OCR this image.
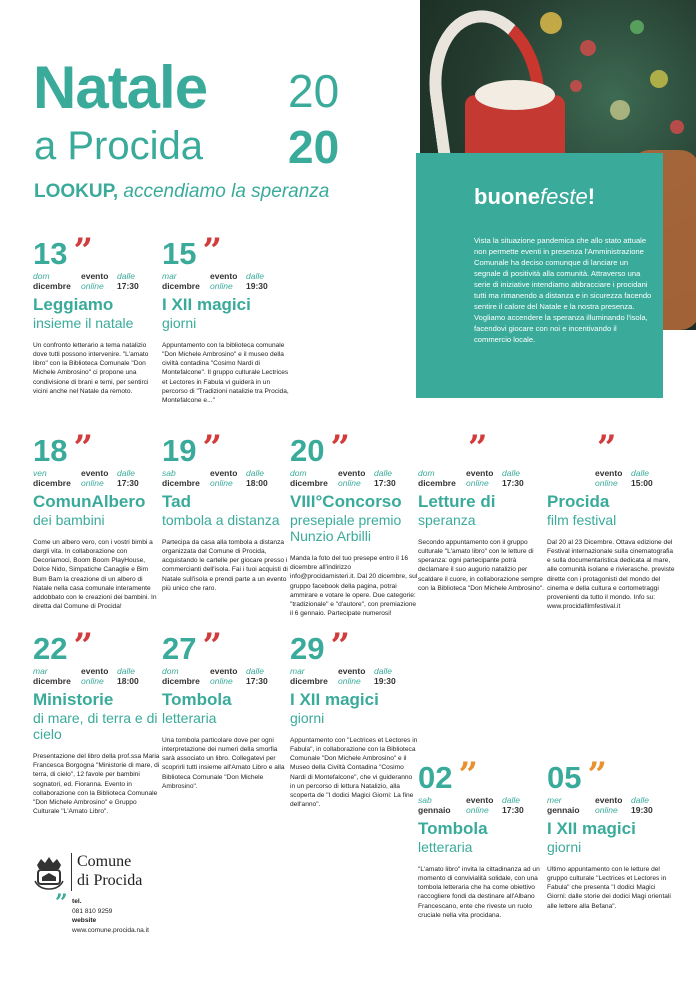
Natale
a Procida
20
20
LOOKUP, accendiamo la speranza	buonefeste!
Vista la situazione pandemica che allo stato attuale non permette eventi in presenza l'Amministrazione Comunale ha deciso comunque di lanciare un segnale di positività alla comunità. Attraverso una serie di iniziative intendiamo abbracciare i procidani tutti ma rimanendo a distanza e in sicurezza facendo sentire il calore del Natale e la nostra presenza. Vogliamo accendere la speranza illuminando l'isola, facendovi giocare con noi e incentivando il commercio locale.
13 ”
dom
dicembre
evento
online
dalle
17:30
Leggiamo
insieme il natale
Un confronto letterario a tema natalizio dove tutti possono intervenire. "L'amato libro" con la Biblioteca Comunale "Don Michele Ambrosino" ci propone una condivisione di brani e temi, per sentirci vicini anche nel Natale da remoto.
15 ”
mar
dicembre
evento
online
dalle
19:30
I XII magici
giorni
Appuntamento con la biblioteca comunale "Don Michele Ambrosino" e il museo della civiltà contadina "Cosimo Nardi di Montefalcone". Il gruppo culturale Lectrices et Lectores in Fabula vi guiderà in un percorso di "Tradizioni natalizie tra Procida, Montefalcone e..."
18 ”
ven
dicembre
evento
online
dalle
17:30
ComunAlbero
dei bambini
Come un albero vero, con i vostri bimbi a dargli vita. In collaborazione con Decoriamoci, Boom Boom PlayHouse, Dolce Nido, Simpatiche Canaglie e Bim Bum Bam la creazione di un albero di Natale nella casa comunale interamente addobbato con le creazioni dei bambini. In diretta dal Comune di Procida!
19 ”
sab
dicembre
evento
online
dalle
18:00
Tad
tombola a distanza
Partecipa da casa alla tombola a distanza organizzata dal Comune di Procida, acquistando le cartelle per giocare presso i commercianti dell'isola. Fai i tuoi acquisti di Natale sull'isola e prendi parte a un evento più unico che raro.
20 ”
dom
dicembre
evento
online
dalle
17:30
VIII°Concorso
presepiale premio Nunzio Arbilli
Manda la foto del tuo presepe entro il 16 dicembre all'indirizzo info@procidamisteri.it. Dal 20 dicembre, sul gruppo facebook della pagina, potrai ammirare e votare le opere. Due categorie: "tradizionale" e "d'autore", con premiazione il 6 gennaio. Partecipate numerosi!
”
dom
dicembre
evento
online
dalle
17:30
Letture di
speranza
Secondo appuntamento con il gruppo culturale "L'amato libro" con le letture di speranza: ogni partecipante potrà declamare il suo augurio natalizio per scaldare il cuore, in collaborazione sempre con la Biblioteca "Don Michele Ambrosino".
”
evento
online
dalle
15:00
Procida
film festival
Dal 20 al 23 Dicembre. Ottava edizione del Festival internazionale sulla cinematografia e sulla documentaristica dedicata al mare, alle comunità isolane e rivierasche. previste dirette con i protagonisti del mondo del cinema e della cultura e cortometraggi provenienti da tutto il mondo. Info su: www.procidafilmfestival.it
22 ”
mar
dicembre
evento
online
dalle
18:00
Ministorie
di mare, di terra e di cielo
Presentazione del libro della prof.ssa Maria Francesca Borgogna "Ministorie di mare, di terra, di cielo", 12 favole per bambini sognatori, ed. Fioranna. Evento in collaborazione con la Biblioteca Comunale "Don Michele Ambrosino" e Gruppo Culturale "L'Amato Libro".
27 ”
dom
dicembre
evento
online
dalle
17:30
Tombola
letteraria
Una tombola particolare dove per ogni interpretazione dei numeri della smorfia sarà associato un libro. Collegatevi per scoprirli tutti insieme all'Amato Libro e alla Biblioteca Comunale "Don Michele Ambrosino".
29 ”
mar
dicembre
evento
online
dalle
19:30
I XII magici
giorni
Appuntamento con "Lectrices et Lectores in Fabula", in collaborazione con la Biblioteca Comunale "Don Michele Ambrosino" e il Museo della Civiltà Contadina "Cosimo Nardi di Montefalcone", che vi guideranno in un percorso di lettura Natalizio, alla scoperta de "I dodici Magici Giorni: La fine dell'anno".
02 ”
sab
gennaio
evento
online
dalle
17:30
Tombola
letteraria
"L'amato libro" invita la cittadinanza ad un momento di convivialità solidale, con una tombola letteraria che ha come obiettivo raccogliere fondi da destinare all'Albano Francescano, ente che riveste un ruolo cruciale nella vita procidana.
05 ”
mer
gennaio
evento
online
dalle
19:30
I XII magici
giorni
Ultimo appuntamento con le letture del gruppo culturale "Lectrices et Lectores in Fabula" che presenta "I dodici Magici Giorni: dalle storie dei dodici Magi orientali alle lettere alla Befana".
Comune
di Procida
” tel.
081 810 9259
website
www.comune.procida.na.it
